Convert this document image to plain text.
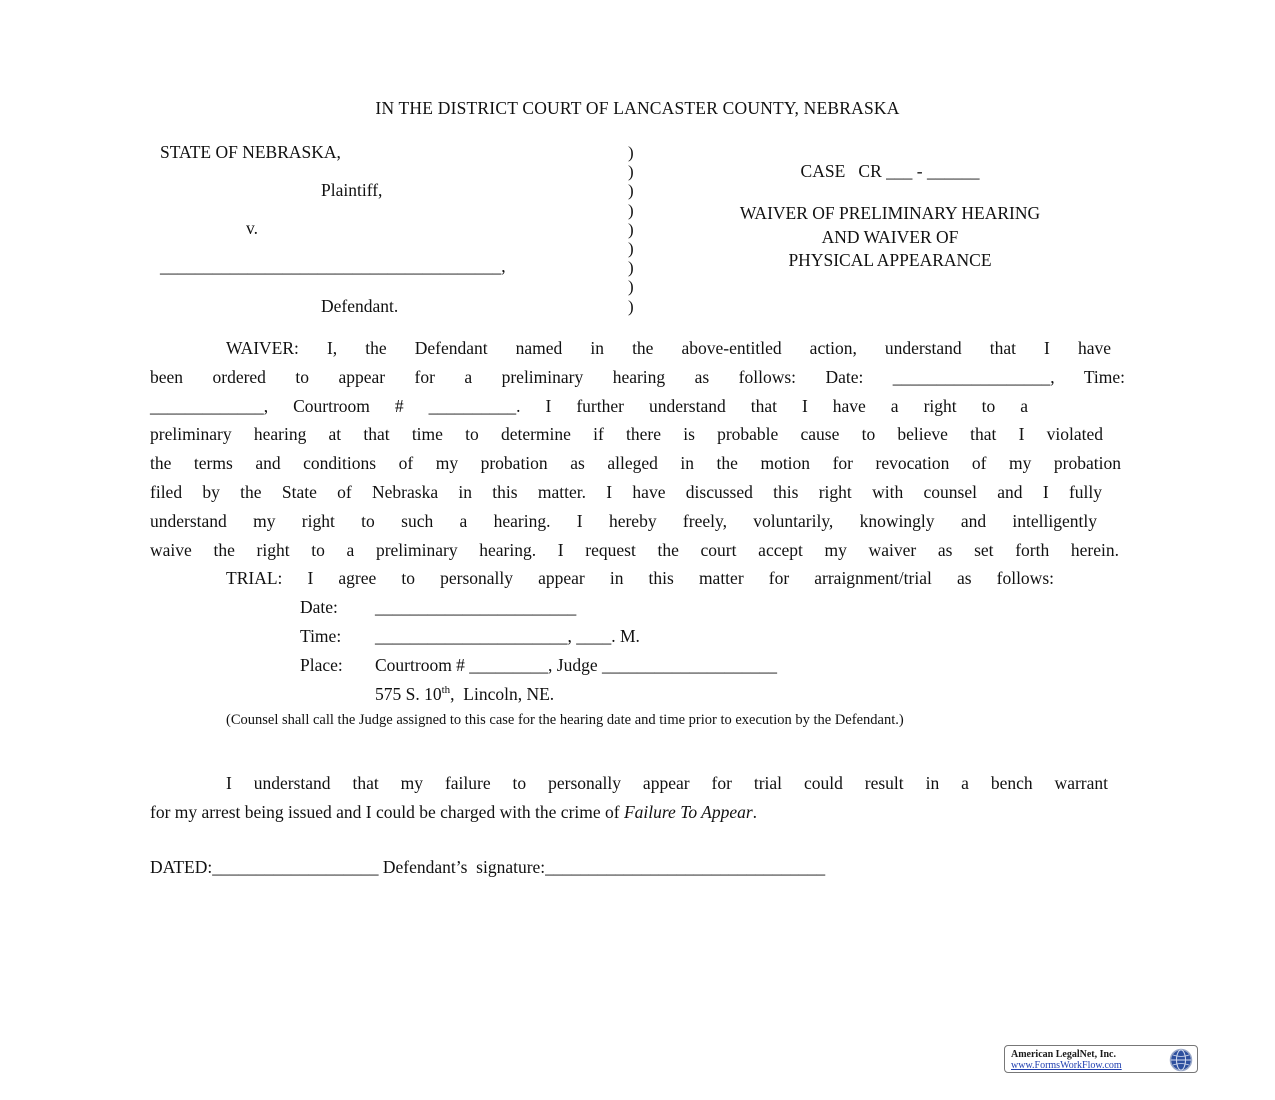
IN THE DISTRICT COURT OF LANCASTER COUNTY, NEBRASKA
STATE OF NEBRASKA,
Plaintiff,
v.
_______________________________________,
Defendant.
)
)
)
)
)
)
)
)
)
CASE   CR ___ - ______
WAIVER OF PRELIMINARY HEARING
AND WAIVER OF
PHYSICAL APPEARANCE
WAIVER: I, the Defendant named in the above-entitled action, understand that I have
been ordered to appear for a preliminary hearing as follows: Date: __________________, Time:
_____________, Courtroom # __________. I further understand that I have a right to a
preliminary hearing at that time to determine if there is probable cause to believe that I violated
the terms and conditions of my probation as alleged in the motion for revocation of my probation
filed by the State of Nebraska in this matter. I have discussed this right with counsel and I fully
understand my right to such a hearing. I hereby freely, voluntarily, knowingly and intelligently
waive the right to a preliminary hearing. I request the court accept my waiver as set forth herein.
TRIAL: I agree to personally appear in this matter for arraignment/trial as follows:
Date: _______________________
Time: ______________________, ____. M.
Place: Courtroom # _________, Judge ____________________
575 S. 10th,  Lincoln, NE.
(Counsel shall call the Judge assigned to this case for the hearing date and time prior to execution by the Defendant.)
I understand that my failure to personally appear for trial could result in a bench warrant
for my arrest being issued and I could be charged with the crime of Failure To Appear.
DATED:___________________ Defendant’s  signature:________________________________
American LegalNet, Inc.
www.FormsWorkFlow.com
